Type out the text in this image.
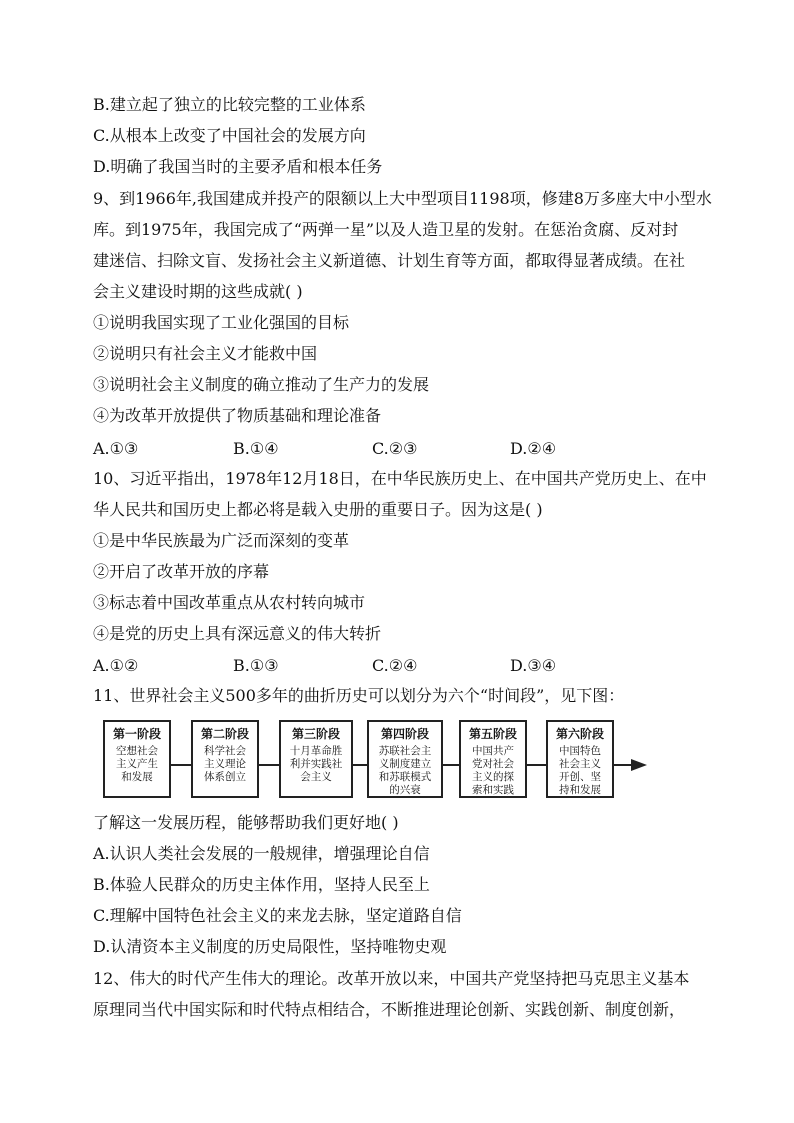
B.建立起了独立的比较完整的工业体系
C.从根本上改变了中国社会的发展方向
D.明确了我国当时的主要矛盾和根本任务
9、到1966年,我国建成并投产的限额以上大中型项目1198项，修建8万多座大中小型水
库。到1975年，我国完成了“两弹一星”以及人造卫星的发射。在惩治贪腐、反对封
建迷信、扫除文盲、发扬社会主义新道德、计划生育等方面，都取得显著成绩。在社
会主义建设时期的这些成就( )
①说明我国实现了工业化强国的目标
②说明只有社会主义才能救中国
③说明社会主义制度的确立推动了生产力的发展
④为改革开放提供了物质基础和理论准备
A.①③	B.①④	C.②③	D.②④
10、习近平指出，1978年12月18日，在中华民族历史上、在中国共产党历史上、在中
华人民共和国历史上都必将是载入史册的重要日子。因为这是( )
①是中华民族最为广泛而深刻的变革
②开启了改革开放的序幕
③标志着中国改革重点从农村转向城市
④是党的历史上具有深远意义的伟大转折
A.①②	B.①③	C.②④	D.③④
11、世界社会主义500多年的曲折历史可以划分为六个“时间段”，见下图：
第一阶段
空想社会
主义产生
和发展
第二阶段
科学社会
主义理论
体系创立
第三阶段
十月革命胜
利并实践社
会主义
第四阶段
苏联社会主
义制度建立
和苏联模式
的兴衰
第五阶段
中国共产
党对社会
主义的探
索和实践
第六阶段
中国特色
社会主义
开创、坚
持和发展
了解这一发展历程，能够帮助我们更好地( )
A.认识人类社会发展的一般规律，增强理论自信
B.体验人民群众的历史主体作用，坚持人民至上
C.理解中国特色社会主义的来龙去脉，坚定道路自信
D.认清资本主义制度的历史局限性，坚持唯物史观
12、伟大的时代产生伟大的理论。改革开放以来，中国共产党坚持把马克思主义基本
原理同当代中国实际和时代特点相结合，不断推进理论创新、实践创新、制度创新，
